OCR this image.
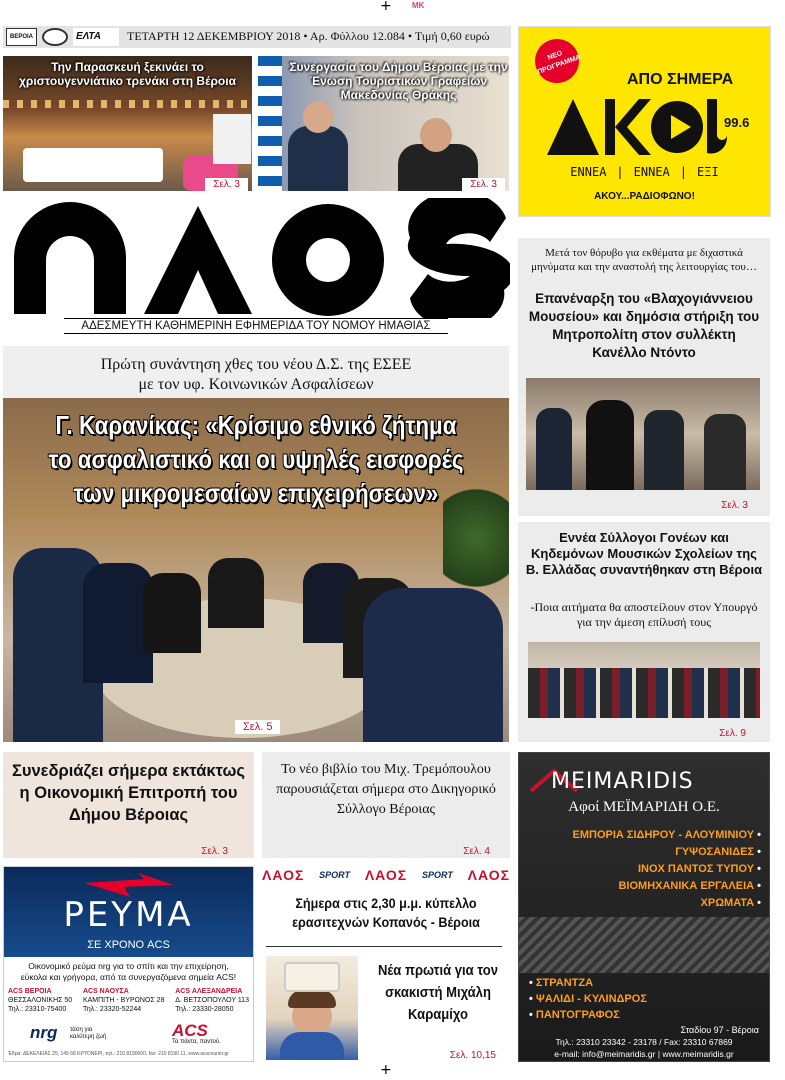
+	MK
+
ΒΕΡΟΙΑ	ΕΛΤΑ	ΤΕΤΑΡΤΗ 12 ΔΕΚΕΜΒΡΙΟΥ 2018 • Αρ. Φύλλου 12.084 • Τιμή 0,60 ευρώ
Την Παρασκευή ξεκινάει το χριστουγεννιάτικο τρενάκι στη Βέροια
Σελ. 3
Συνεργασία του Δήμου Βέροιας με την Ένωση Τουριστικών Γραφείων Μακεδονίας Θράκης
Σελ. 3
ΝΕΟ ΠΡΟΓΡΑΜΜΑ
ΑΠΟ ΣΗΜΕΡΑ
99.6
ΕΝΝΕΑ | ΕΝΝΕΑ | ΕΞΙ
ΑΚΟΥ...ΡΑΔΙΟΦΩΝΟ!
ΑΔΕΣΜΕΥΤΗ ΚΑΘΗΜΕΡΙΝΗ ΕΦΗΜΕΡΙΔΑ ΤΟΥ ΝΟΜΟΥ ΗΜΑΘΙΑΣ
Μετά τον θόρυβο για εκθέματα με διχαστικά μηνύματα και την αναστολή της λειτουργίας του…
Επανέναρξη του «Βλαχογιάννειου Μουσείου» και δημόσια στήριξη του Μητροπολίτη στον συλλέκτη Κανέλλο Ντόντο
Σελ. 3
Πρώτη συνάντηση χθες του νέου Δ.Σ. της ΕΣΕΕ
με τον υφ. Κοινωνικών Ασφαλίσεων
Γ. Καρανίκας: «Κρίσιμο εθνικό ζήτημα
το ασφαλιστικό και οι υψηλές εισφορές
των μικρομεσαίων επιχειρήσεων»
Σελ. 5
Εννέα Σύλλογοι Γονέων και Κηδεμόνων Μουσικών Σχολείων της Β. Ελλάδας συναντήθηκαν στη Βέροια
-Ποια αιτήματα θα αποστείλουν στον Υπουργό για την άμεση επίλυσή τους
Σελ. 9
Συνεδριάζει σήμερα εκτάκτως η Οικονομική Επιτροπή του Δήμου Βέροιας
Σελ. 3
Το νέο βιβλίο του Μιχ. Τρεμόπουλου παρουσιάζεται σήμερα στο Δικηγορικό Σύλλογο Βέροιας
Σελ. 4
MEIMARIDIS
Αφοί ΜΕΪΜΑΡΙΔΗ Ο.Ε.
ΕΜΠΟΡΙΑ ΣΙΔΗΡΟΥ - ΑΛΟΥΜΙΝΙΟΥ •
ΓΥΨΟΣΑΝΙΔΕΣ •
ΙΝΟΧ ΠΑΝΤΟΣ ΤΥΠΟΥ •
ΒΙΟΜΗΧΑΝΙΚΑ ΕΡΓΑΛΕΙΑ •
ΧΡΩΜΑΤΑ •
• ΣΤΡΑΝΤΖΑ
• ΨΑΛΙΔΙ - ΚΥΛΙΝΔΡΟΣ
• ΠΑΝΤΟΓΡΑΦΟΣ
Σταδίου 97 - Βέροια
Τηλ.: 23310 23342 - 23178 / Fax: 23310 67869
e-mail: info@meimaridis.gr | www.meimaridis.gr
ΡΕΥΜΑ
ΣΕ ΧΡΟΝΟ ACS
Οικονομικό ρεύμα nrg για το σπίτι και την επιχείρηση,
εύκολα και γρήγορα, από τα συνεργαζόμενα σημεία ACS!
ACS ΒΕΡΟΙΑ
ΘΕΣΣΑΛΟΝΙΚΗΣ 50
Τηλ.: 23310-75400
ACS ΝΑΟΥΣΑ
ΚΑΜΠΙΤΗ - ΒΥΡΩΝΟΣ 28
Τηλ.: 23320-52244
ACS ΑΛΕΞΑΝΔΡΕΙΑ
Δ. ΒΕΤΣΟΠΟΥΛΟΥ 113
Τηλ.: 23330-28050
nrg τάση για καλύτερη ζωή	ACS
Τα πάντα, παντού.
Έδρα: ΔΕΚΕΛΕΙΑΣ 25, 145 68 ΚΡΥΟΝΕΡΙ, τηλ.: 210 8190000, fax: 210 8190 11, www.acscourier.gr
ΛΑΟΣ SPORT ΛΑΟΣ SPORT ΛΑΟΣ
Σήμερα στις 2,30 μ.μ. κύπελλο ερασιτεχνών Κοπανός - Βέροια
Νέα πρωτιά για τον σκακιστή Μιχάλη Καραμίχο
Σελ. 10,15
